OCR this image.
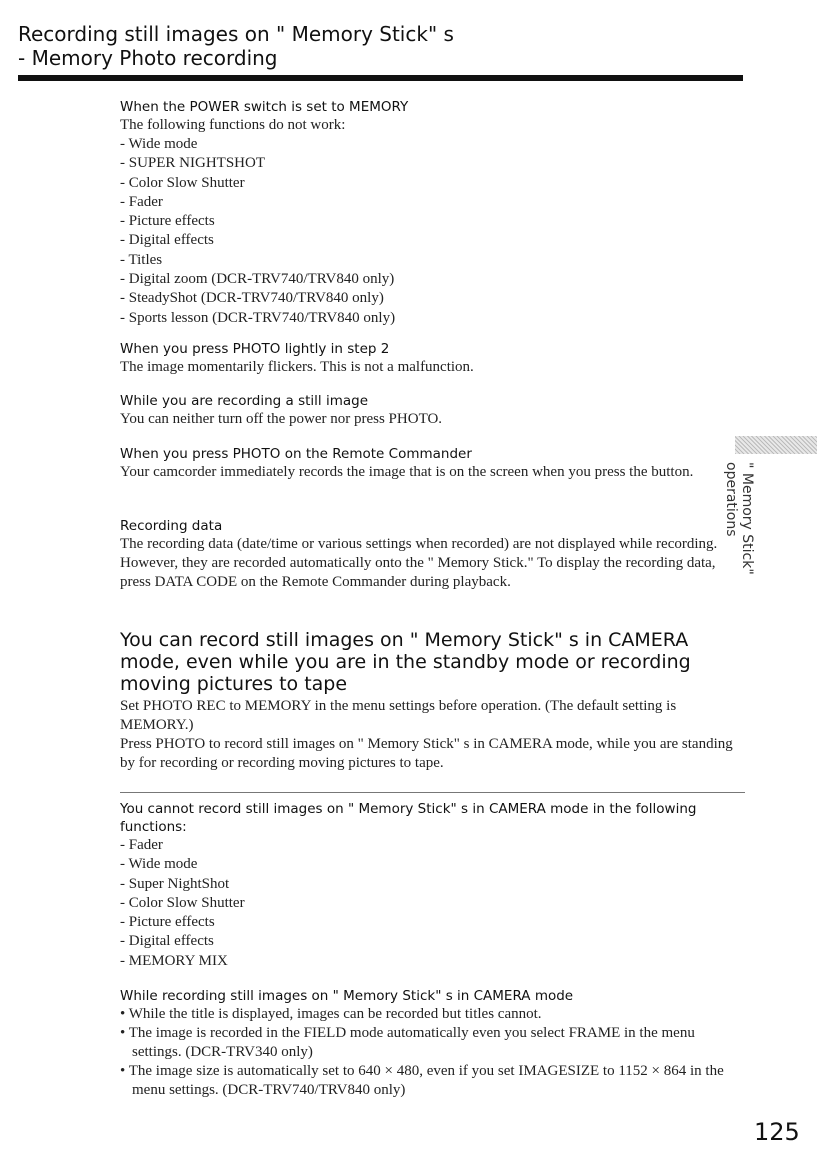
Recording still images on " Memory Stick" s
- Memory Photo recording
When the POWER switch is set to MEMORY
The following functions do not work:
- Wide mode
- SUPER NIGHTSHOT
- Color Slow Shutter
- Fader
- Picture effects
- Digital effects
- Titles
- Digital zoom (DCR-TRV740/TRV840 only)
- SteadyShot (DCR-TRV740/TRV840 only)
- Sports lesson (DCR-TRV740/TRV840 only)
When you press PHOTO lightly in step 2
The image momentarily flickers. This is not a malfunction.
While you are recording a still image
You can neither turn off the power nor press PHOTO.
When you press PHOTO on the Remote Commander
Your camcorder immediately records the image that is on the screen when you press the button.
Recording data
The recording data (date/time or various settings when recorded) are not displayed while recording. However, they are recorded automatically onto the " Memory Stick." To display the recording data, press DATA CODE on the Remote Commander during playback.
You can record still images on " Memory Stick" s in CAMERA mode, even while you are in the standby mode or recording moving pictures to tape
Set PHOTO REC to MEMORY in the menu settings before operation. (The default setting is MEMORY.)
Press PHOTO to record still images on " Memory Stick" s in CAMERA mode, while you are standing by for recording or recording moving pictures to tape.
You cannot record still images on " Memory Stick" s in CAMERA mode in the following functions:
- Fader
- Wide mode
- Super NightShot
- Color Slow Shutter
- Picture effects
- Digital effects
- MEMORY MIX
While recording still images on " Memory Stick" s in CAMERA mode
• While the title is displayed, images can be recorded but titles cannot.
• The image is recorded in the FIELD mode automatically even you select FRAME in the menu settings. (DCR-TRV340 only)
• The image size is automatically set to 640 × 480, even if you set IMAGESIZE to 1152 × 864 in the menu settings. (DCR-TRV740/TRV840 only)
" Memory Stick" operations
125
